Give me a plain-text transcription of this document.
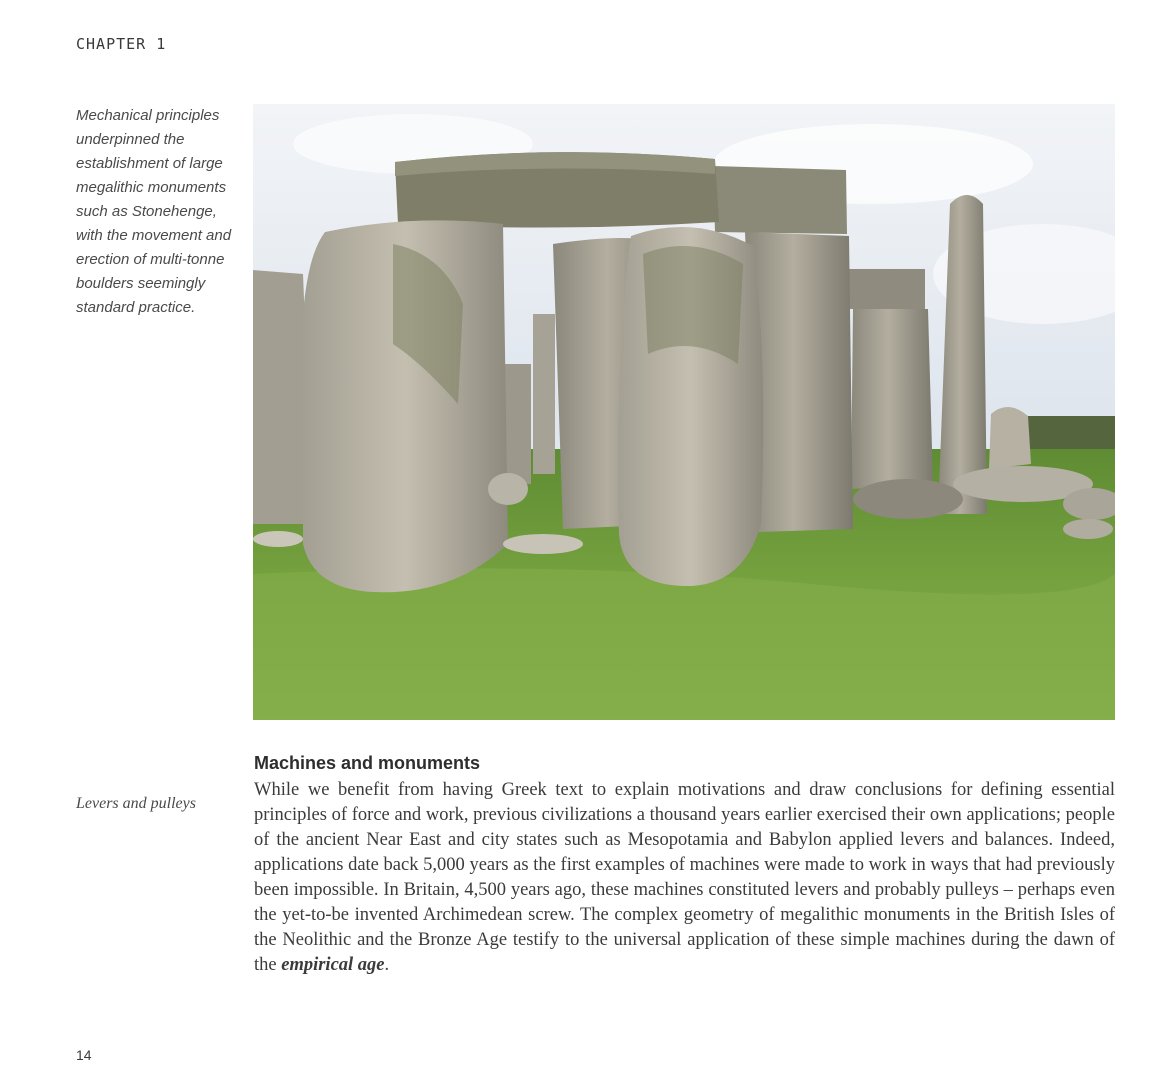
CHAPTER 1

Mechanical principles underpinned the establishment of large megalithic monuments such as Stonehenge, with the movement and erection of multi-tonne boulders seemingly standard practice.

Levers and pulleys

Machines and monuments

While we benefit from having Greek text to explain motivations and draw conclusions for defining essential principles of force and work, previous civilizations a thousand years earlier exercised their own applications; people of the ancient Near East and city states such as Mesopotamia and Babylon applied levers and balances. Indeed, applications date back 5,000 years as the first examples of machines were made to work in ways that had previously been impossible. In Britain, 4,500 years ago, these machines constituted levers and probably pulleys – perhaps even the yet-to-be invented Archimedean screw. The complex geometry of megalithic monuments in the British Isles of the Neolithic and the Bronze Age testify to the universal application of these simple machines during the dawn of the empirical age.

14
